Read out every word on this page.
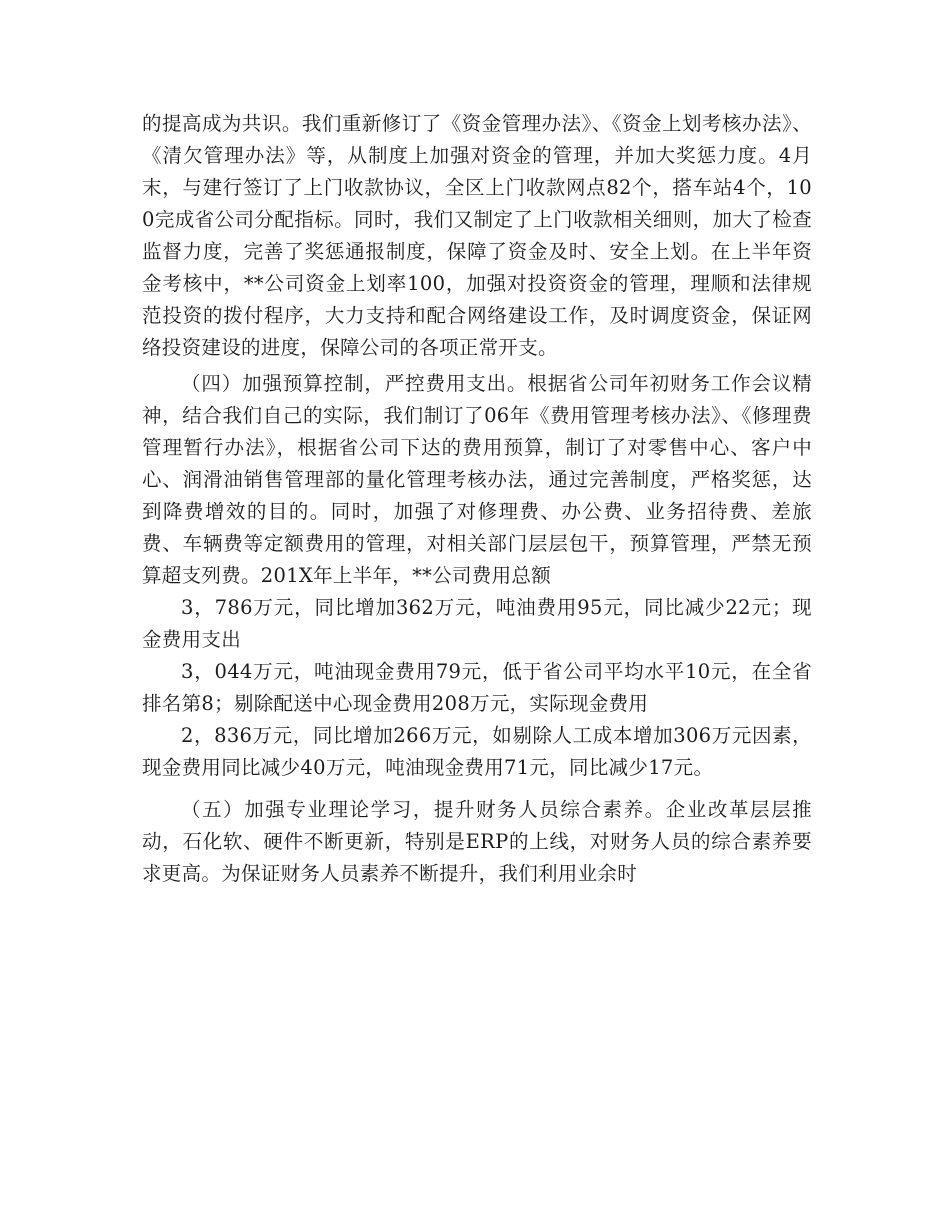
的提高成为共识。我们重新修订了《资金管理办法》、《资金上划考核办法》、《清欠管理办法》等，从制度上加强对资金的管理，并加大奖惩力度。4月末，与建行签订了上门收款协议，全区上门收款网点82个，搭车站4个，100完成省公司分配指标。同时，我们又制定了上门收款相关细则，加大了检查监督力度，完善了奖惩通报制度，保障了资金及时、安全上划。在上半年资金考核中，**公司资金上划率100，加强对投资资金的管理，理顺和法律规范投资的拨付程序，大力支持和配合网络建设工作，及时调度资金，保证网络投资建设的进度，保障公司的各项正常开支。

（四）加强预算控制，严控费用支出。根据省公司年初财务工作会议精神，结合我们自己的实际，我们制订了06年《费用管理考核办法》、《修理费管理暂行办法》，根据省公司下达的费用预算，制订了对零售中心、客户中心、润滑油销售管理部的量化管理考核办法，通过完善制度，严格奖惩，达到降费增效的目的。同时，加强了对修理费、办公费、业务招待费、差旅费、车辆费等定额费用的管理，对相关部门层层包干，预算管理，严禁无预算超支列费。201X年上半年，**公司费用总额

3，786万元，同比增加362万元，吨油费用95元，同比减少22元；现金费用支出

3，044万元，吨油现金费用79元，低于省公司平均水平10元，在全省排名第8；剔除配送中心现金费用208万元，实际现金费用

2，836万元，同比增加266万元，如剔除人工成本增加306万元因素，现金费用同比减少40万元，吨油现金费用71元，同比减少17元。

（五）加强专业理论学习，提升财务人员综合素养。企业改革层层推动，石化软、硬件不断更新，特别是ERP的上线，对财务人员的综合素养要求更高。为保证财务人员素养不断提升，我们利用业余时
